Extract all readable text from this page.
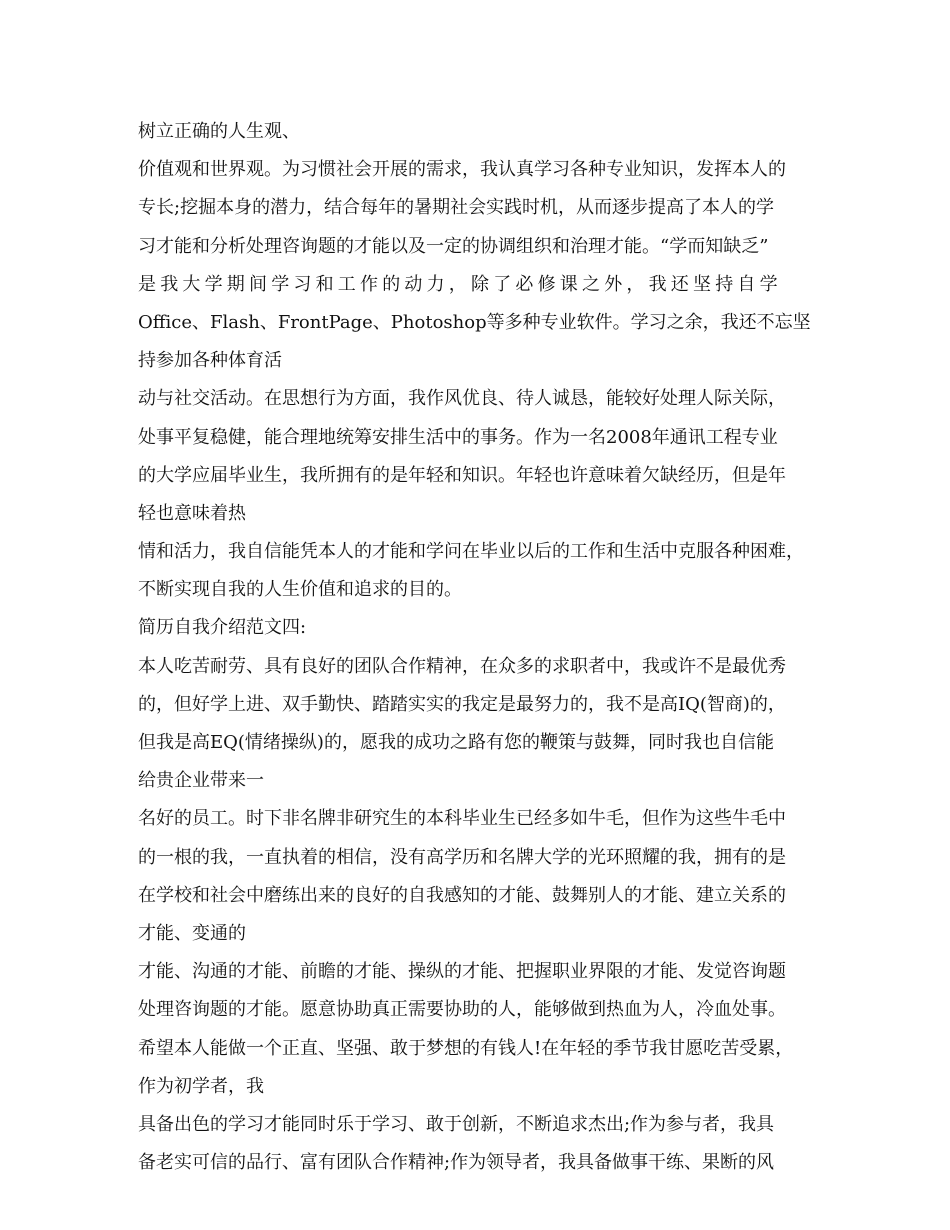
树立正确的人生观、
价值观和世界观。为习惯社会开展的需求，我认真学习各种专业知识，发挥本人的
专长;挖掘本身的潜力，结合每年的暑期社会实践时机，从而逐步提高了本人的学
习才能和分析处理咨询题的才能以及一定的协调组织和治理才能。“学而知缺乏”
是我大学期间学习和工作的动力，除了必修课之外，我还坚持自学
Office、Flash、FrontPage、Photoshop等多种专业软件。学习之余，我还不忘坚
持参加各种体育活
动与社交活动。在思想行为方面，我作风优良、待人诚恳，能较好处理人际关际，
处事平复稳健，能合理地统筹安排生活中的事务。作为一名2008年通讯工程专业
的大学应届毕业生，我所拥有的是年轻和知识。年轻也许意味着欠缺经历，但是年
轻也意味着热
情和活力，我自信能凭本人的才能和学问在毕业以后的工作和生活中克服各种困难，
不断实现自我的人生价值和追求的目的。
简历自我介绍范文四:
本人吃苦耐劳、具有良好的团队合作精神，在众多的求职者中，我或许不是最优秀
的，但好学上进、双手勤快、踏踏实实的我定是最努力的，我不是高IQ(智商)的，
但我是高EQ(情绪操纵)的，愿我的成功之路有您的鞭策与鼓舞，同时我也自信能
给贵企业带来一
名好的员工。时下非名牌非研究生的本科毕业生已经多如牛毛，但作为这些牛毛中
的一根的我，一直执着的相信，没有高学历和名牌大学的光环照耀的我，拥有的是
在学校和社会中磨练出来的良好的自我感知的才能、鼓舞别人的才能、建立关系的
才能、变通的
才能、沟通的才能、前瞻的才能、操纵的才能、把握职业界限的才能、发觉咨询题
处理咨询题的才能。愿意协助真正需要协助的人，能够做到热血为人，冷血处事。
希望本人能做一个正直、坚强、敢于梦想的有钱人!在年轻的季节我甘愿吃苦受累，
作为初学者，我
具备出色的学习才能同时乐于学习、敢于创新，不断追求杰出;作为参与者，我具
备老实可信的品行、富有团队合作精神;作为领导者，我具备做事干练、果断的风
